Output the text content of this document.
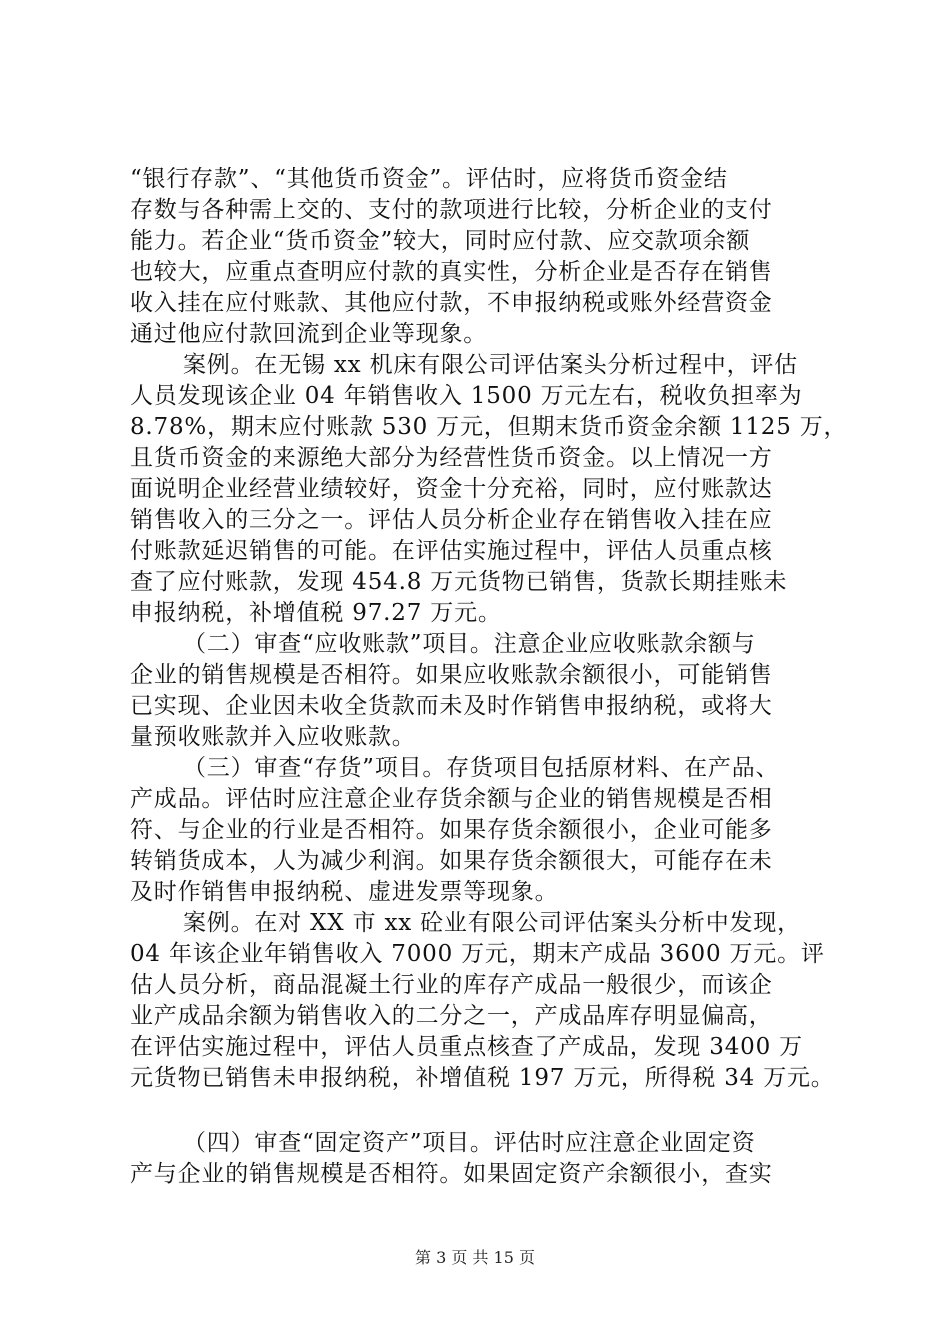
“银行存款”、“其他货币资金”。评估时，应将货币资金结
存数与各种需上交的、支付的款项进行比较，分析企业的支付
能力。若企业“货币资金”较大，同时应付款、应交款项余额
也较大，应重点查明应付款的真实性，分析企业是否存在销售
收入挂在应付账款、其他应付款，不申报纳税或账外经营资金
通过他应付款回流到企业等现象。
案例。在无锡 xx 机床有限公司评估案头分析过程中，评估
人员发现该企业 04 年销售收入 1500 万元左右，税收负担率为
8.78%，期末应付账款 530 万元，但期末货币资金余额 1125 万，
且货币资金的来源绝大部分为经营性货币资金。以上情况一方
面说明企业经营业绩较好，资金十分充裕，同时，应付账款达
销售收入的三分之一。评估人员分析企业存在销售收入挂在应
付账款延迟销售的可能。在评估实施过程中，评估人员重点核
查了应付账款，发现 454.8 万元货物已销售，货款长期挂账未
申报纳税，补增值税 97.27 万元。
（二）审查“应收账款”项目。注意企业应收账款余额与
企业的销售规模是否相符。如果应收账款余额很小，可能销售
已实现、企业因未收全货款而未及时作销售申报纳税，或将大
量预收账款并入应收账款。
（三）审查“存货”项目。存货项目包括原材料、在产品、
产成品。评估时应注意企业存货余额与企业的销售规模是否相
符、与企业的行业是否相符。如果存货余额很小，企业可能多
转销货成本，人为减少利润。如果存货余额很大，可能存在未
及时作销售申报纳税、虚进发票等现象。
案例。在对 XX 市 xx 砼业有限公司评估案头分析中发现，
04 年该企业年销售收入 7000 万元，期末产成品 3600 万元。评
估人员分析，商品混凝土行业的库存产成品一般很少，而该企
业产成品余额为销售收入的二分之一，产成品库存明显偏高，
在评估实施过程中，评估人员重点核查了产成品，发现 3400 万
元货物已销售未申报纳税，补增值税 197 万元，所得税 34 万元。
（四）审查“固定资产”项目。评估时应注意企业固定资
产与企业的销售规模是否相符。如果固定资产余额很小，查实
第 3 页 共 15 页
